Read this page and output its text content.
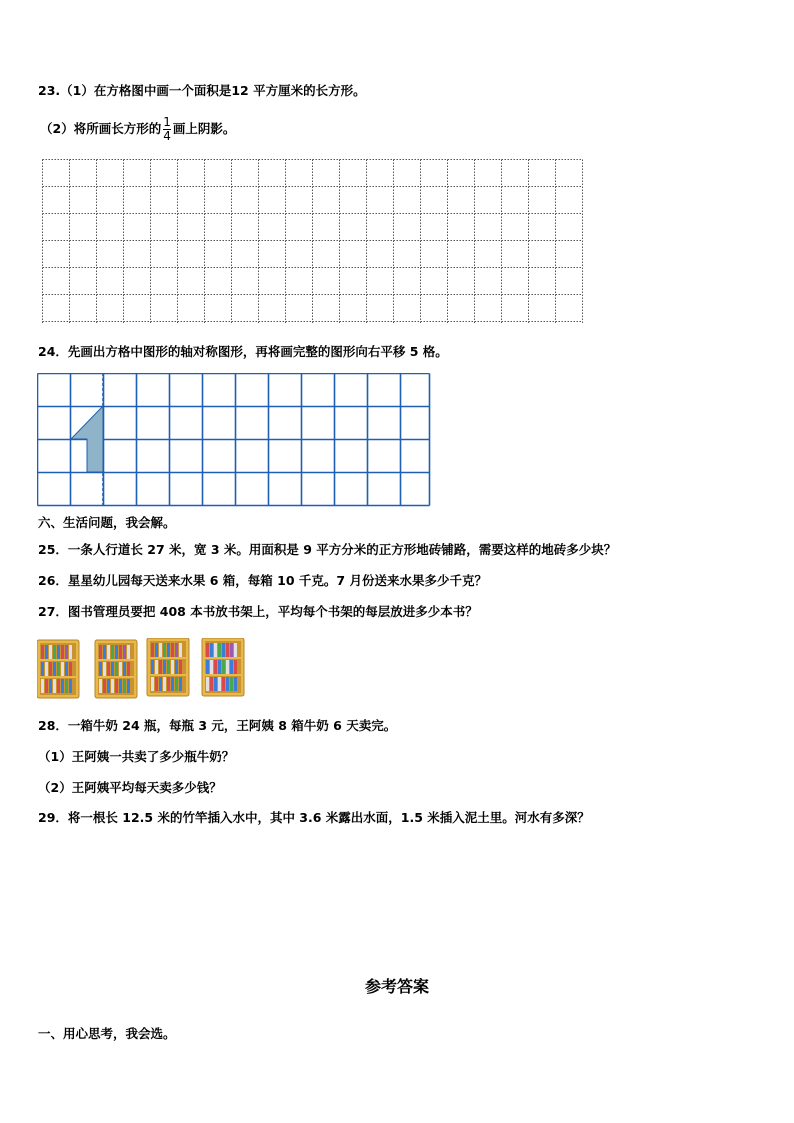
23.（1）在方格图中画一个面积是12 平方厘米的长方形。
（2）将所画长方形的 $\frac{1}{4}$ 画上阴影。
24．先画出方格中图形的轴对称图形，再将画完整的图形向右平移 5 格。
六、生活问题，我会解。
25．一条人行道长 27 米，宽 3 米。用面积是 9 平方分米的正方形地砖铺路，需要这样的地砖多少块？
26．星星幼儿园每天送来水果 6 箱，每箱 10 千克。7 月份送来水果多少千克？
27．图书管理员要把 408 本书放书架上，平均每个书架的每层放进多少本书？
28．一箱牛奶 24 瓶，每瓶 3 元，王阿姨 8 箱牛奶 6 天卖完。
（1）王阿姨一共卖了多少瓶牛奶？
（2）王阿姨平均每天卖多少钱？
29．将一根长 12.5 米的竹竿插入水中，其中 3.6 米露出水面，1.5 米插入泥土里。河水有多深？
参考答案
一、用心思考，我会选。
